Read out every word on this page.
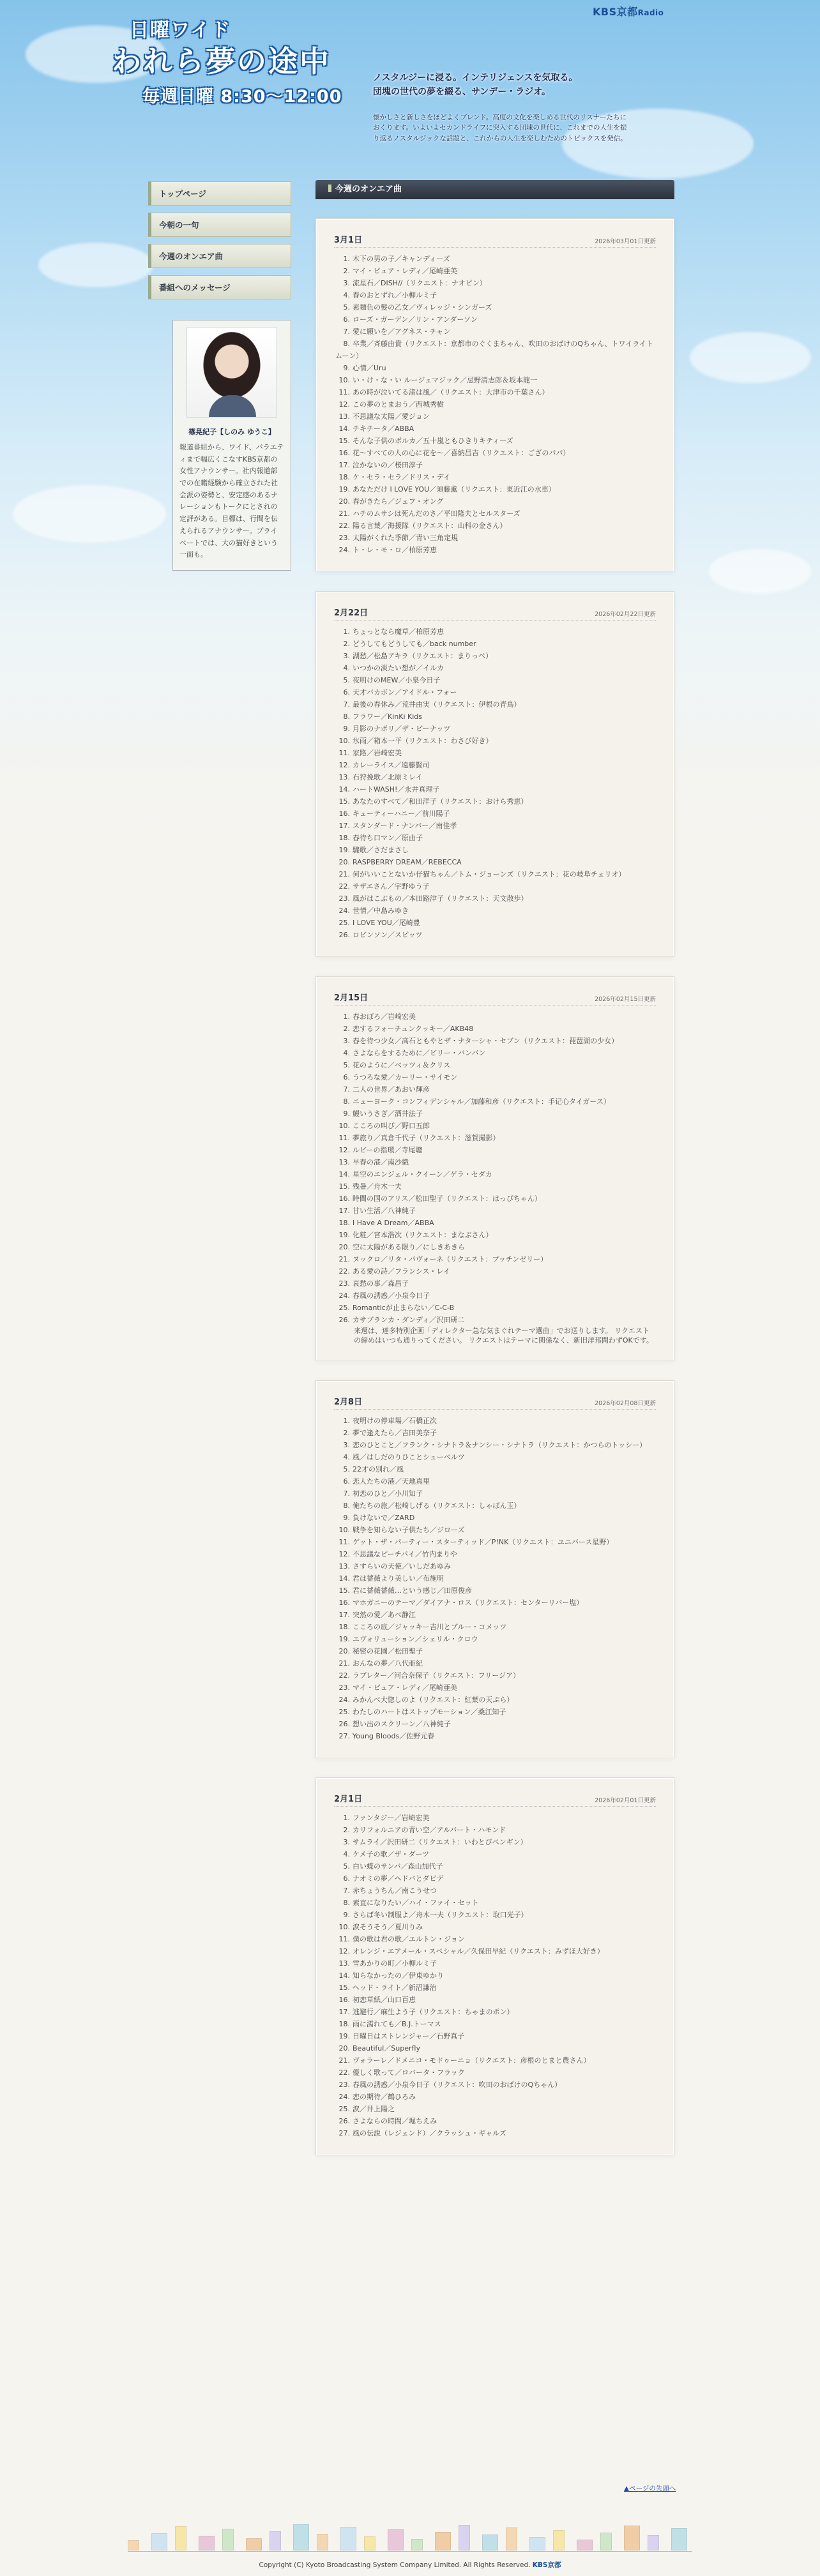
KBS京都Radio
日曜ワイド
われら夢の途中
毎週日曜 8:30～12:00
ノスタルジーに浸る。インテリジェンスを気取る。
団塊の世代の夢を綴る、サンデー・ラジオ。
懐かしさと新しさをほどよくブレンド。高度の文化を楽しめる世代のリスナーたちにおくります。いよいよセカンドライフに突入する団塊の世代に、これまでの人生を振り返るノスタルジックな話題と、これからの人生を楽しむためのトピックスを発信。
トップページ
今朝の一句
今週のオンエア曲
番組へのメッセージ
篠晃紀子【しのみ ゆうこ】
報道番組から、ワイド、バラエティまで幅広くこなすKBS京都の女性アナウンサー。社内報道部での在籍経験から確立された社会派の姿勢と、安定感のあるナレーションもトークにとされの定評がある。目標は、行間を伝えられるアナウンサー。プライベートでは、大の猫好きという一面も。
今週のオンエア曲
3月1日	2026年03月01日更新
1. 木下の男の子／キャンディーズ
2. マイ・ピュア・レディ／尾崎亜美
3. 流星石／DISH//（リクエスト：ナオピン）
4. 春のおとずれ／小柳ルミ子
5. 素麺色の髪の乙女／ヴィレッジ・シンガーズ
6. ローズ・ガーデン／リン・アンダーソン
7. 愛に願いを／アグネス・チャン
8. 卒業／斉藤由貴（リクエスト：京都市のぐくまちゃん、吹田のおばけのQちゃん、トワイライトムーン）
9. 心情／Uru
10. い・け・な・い ルージュマジック／忌野清志郎＆坂本龍一
11. あの時が泣いてる渚は風／（リクエスト：大津市の千葉さん）
12. この夢のとまおう／西城秀樹
13. 不思議な太陽／愛ジョン
14. チキチータ／ABBA
15. そんな子供のボルカ／五十嵐ともひきりキティーズ
16. 花～すべての人の心に花を～／喜納昌吉（リクエスト：ござのパパ）
17. 泣かないの／桜田淳子
18. ケ・セラ・セラ／ドリス・デイ
19. あなただけ I LOVE YOU／須藤薫（リクエスト：東近江の水車）
20. 春がきたら／ジェフ・オング
21. ハチのムサシは死んだのさ／平田隆夫とセルスターズ
22. 陽る言葉／海援隊（リクエスト：山科の金さん）
23. 太陽がくれた季節／青い三角定規
24. ト・レ・モ・ロ／柏原芳恵
2月22日	2026年02月22日更新
1. ちょっとなら魔草／柏原芳恵
2. どうしてもどうしても／back number
3. 湖愁／松島アキラ（リクエスト：まりっぺ）
4. いつかの淡たい想が／イルカ
5. 夜明けのMEW／小泉今日子
6. 天才バカボン／アイドル・フォー
7. 最後の春休み／荒井由実（リクエスト：伊根の青鳥）
8. フラワー／KinKi Kids
9. 月影のナポリ／ザ・ピーナッツ
10. 氷雨／箱本一平（リクエスト：わさび好き）
11. 家路／岩崎宏美
12. カレーライス／遠藤賢司
13. 石狩挽歌／北原ミレイ
14. ハートWASH!／永井真理子
15. あなたのすべて／和田洋子（リクエスト：おけら秀恵）
16. キューティーハニー／前川陽子
17. スタンダード・ナンバー／南佳孝
18. 春待ち口マン／原由子
19. 驟歌／さだまさし
20. RASPBERRY DREAM／REBECCA
21. 何がいいことないか仔猫ちゃん／トム・ジョーンズ（リクエスト：花の岐阜チェリオ）
22. サザエさん／宇野ゆう子
23. 風がはこぶもの／本田路津子（リクエスト：天文散歩）
24. 世情／中島みゆき
25. I LOVE YOU／尾崎豊
26. ロビンソン／スピッツ
2月15日	2026年02月15日更新
1. 春おぼろ／岩崎宏美
2. 恋するフォーチュンクッキー／AKB48
3. 春を待つ少女／高石ともやとザ・ナターシャ・セブン（リクエスト：琵琶湖の少女）
4. さよならをするために／ビリー・バンバン
5. 花のように／ベッツィ＆クリス
6. うつろな愛／カーリー・サイモン
7. 二人の世界／あおい輝彦
8. ニューヨーク・コンフィデンシャル／加藤和彦（リクエスト：手记心タイガース）
9. 鰻いうさぎ／酒井法子
10. こころの叫び／野口五郎
11. 夢旅り／真倉千代子（リクエスト：滋賀撮影）
12. ルビーの指環／寺尾聰
13. 早春の港／南沙織
14. 星空のエンジェル・クイーン／ゲラ・セダカ
15. 残暑／舟木一夫
16. 時間の国のアリス／松田聖子（リクエスト：はっぴちゃん）
17. 甘い生活／八神純子
18. I Have A Dream／ABBA
19. 化粧／宮本浩次（リクエスト：まなぶさん）
20. 空に太陽がある限り／にしきあきら
21. ヌックロ／リタ・パヴォーネ（リクエスト：プッチンゼリー）
22. ある愛の詩／フランシス・レイ
23. 哀愁の事／森昌子
24. 春風の誘惑／小泉今日子
25. Romanticが止まらない／C-C-B
26. カサブランカ・ダンディ／沢田研二
来週は、達多特別企画「ディレクター急な気まぐれテーマ選曲」でお送りします。 リクエストの締めはいつも通りってください。 リクエストはテーマに関係なく、新旧洋邦問わずOKです。
2月8日	2026年02月08日更新
1. 夜明けの停車場／石橋正次
2. 夢で逢えたら／吉田美奈子
3. 恋のひとこと／フランク・シナトラ＆ナンシー・シナトラ（リクエスト：かつらのトッシー）
4. 風／はしだのりひことシューベルツ
5. 22才の別れ／風
6. 恋人たちの港／天地真里
7. 初恋のひと／小川知子
8. 俺たちの旅／松崎しげる（リクエスト：しゃぼん玉）
9. 負けないで／ZARD
10. 戦争を知らない子供たち／ジローズ
11. ゲット・ザ・パーティー・スターティッド／P!NK（リクエスト：ユニバース星野）
12. 不思議なピーチパイ／竹内まりや
13. さすらいの天使／いしだあゆみ
14. 君は薔薇より美しい／布施明
15. 君に薔薇薔薇…という感じ／田原俊彦
16. マホガニーのテーマ／ダイアナ・ロス（リクエスト：センターリバー塩）
17. 突然の愛／あべ静江
18. こころの底／ジャッキー吉川とブルー・コメッツ
19. エヴォリューション／シェリル・クロウ
20. 秘密の花園／松田聖子
21. おんなの夢／八代亜紀
22. ラブレター／河合奈保子（リクエスト：フリージア）
23. マイ・ピュア・レディ／尾崎亜美
24. みかんべ大惚しのよ（リクエスト：紅葉の天ぷら）
25. わたしのハートはストップモーション／桑江知子
26. 想い出のスクリーン／八神純子
27. Young Bloods／佐野元春
2月1日	2026年02月01日更新
1. ファンタジー／岩崎宏美
2. カリフォルニアの青い空／アルバート・ハモンド
3. サムライ／沢田研二（リクエスト：いわとびペンギン）
4. ケメ子の歌／ザ・ダーツ
5. 白い蝶のサンバ／森山加代子
6. ナオミの夢／ヘドバとダビデ
7. 赤ちょうちん／南こうせつ
8. 素直になりたい／ハイ・ファイ・セット
9. さらば冬い制服よ／舟木一夫（リクエスト：取口光子）
10. 涙そうそう／夏川りみ
11. 僕の歌は君の歌／エルトン・ジョン
12. オレンジ・エアメール・スペシャル／久保田早紀（リクエスト：みずほ大好き）
13. 雪あかりの町／小柳ルミ子
14. 知らなかったの／伊東ゆかり
15. ヘッド・ライト／新沼謙治
16. 初恋草紙／山口百恵
17. 逃避行／麻生よう子（リクエスト：ちゃまのポン）
18. 雨に濡れても／B.J.トーマス
19. 日曜日はストレンジャー／石野真子
20. Beautiful／Superfly
21. ヴォラーレ／ドメニコ・モドゥーニョ（リクエスト：彦根のとまと農さん）
22. 優しく歌って／ロバータ・フラック
23. 春風の誘惑／小泉今日子（リクエスト：吹田のおばけのQちゃん）
24. 恋の期待／鶴ひろみ
25. 涙／井上陽之
26. さよならの時間／堀ちえみ
27. 風の伝説（レジェンド）／クラッシュ・ギャルズ
▲ページの先頭へ
Copyright (C) Kyoto Broadcasting System Company Limited. All Rights Reserved. KBS京都
